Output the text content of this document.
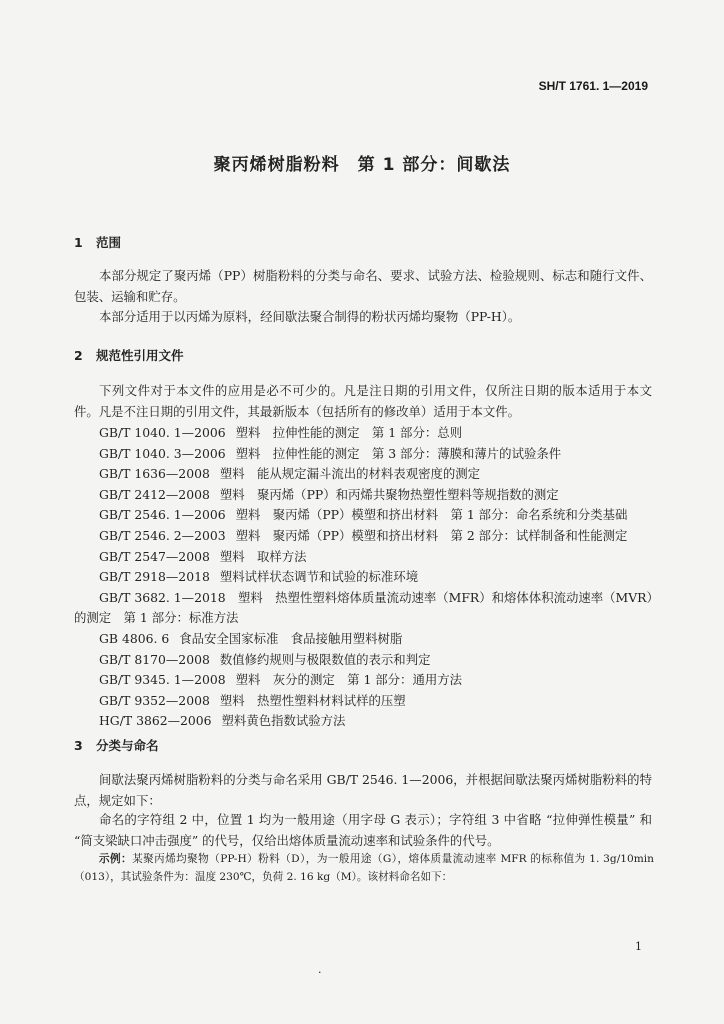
SH/T 1761. 1—2019
聚丙烯树脂粉料 第 1 部分：间歇法
1 范围

本部分规定了聚丙烯（PP）树脂粉料的分类与命名、要求、试验方法、检验规则、标志和随行文件、包装、运输和贮存。

本部分适用于以丙烯为原料，经间歇法聚合制得的粉状丙烯均聚物（PP-H）。

2 规范性引用文件

下列文件对于本文件的应用是必不可少的。凡是注日期的引用文件，仅所注日期的版本适用于本文件。凡是不注日期的引用文件，其最新版本（包括所有的修改单）适用于本文件。

GB/T 1040. 1—2006 塑料　拉伸性能的测定　第 1 部分：总则
GB/T 1040. 3—2006 塑料　拉伸性能的测定　第 3 部分：薄膜和薄片的试验条件
GB/T 1636—2008 塑料　能从规定漏斗流出的材料表观密度的测定
GB/T 2412—2008 塑料　聚丙烯（PP）和丙烯共聚物热塑性塑料等规指数的测定
GB/T 2546. 1—2006 塑料　聚丙烯（PP）模塑和挤出材料　第 1 部分：命名系统和分类基础
GB/T 2546. 2—2003 塑料　聚丙烯（PP）模塑和挤出材料　第 2 部分：试样制备和性能测定
GB/T 2547—2008 塑料　取样方法
GB/T 2918—2018 塑料试样状态调节和试验的标准环境
GB/T 3682. 1—2018　塑料　热塑性塑料熔体质量流动速率（MFR）和熔体体积流动速率（MVR）的测定　第 1 部分：标准方法
GB 4806. 6 食品安全国家标准　食品接触用塑料树脂
GB/T 8170—2008 数值修约规则与极限数值的表示和判定
GB/T 9345. 1—2008 塑料　灰分的测定　第 1 部分：通用方法
GB/T 9352—2008 塑料　热塑性塑料材料试样的压塑
HG/T 3862—2006 塑料黄色指数试验方法
3 分类与命名

间歇法聚丙烯树脂粉料的分类与命名采用 GB/T 2546. 1—2006，并根据间歇法聚丙烯树脂粉料的特点，规定如下：

命名的字符组 2 中，位置 1 均为一般用途（用字母 G 表示）；字符组 3 中省略 “拉伸弹性模量” 和 “简支梁缺口冲击强度” 的代号，仅给出熔体质量流动速率和试验条件的代号。

示例：某聚丙烯均聚物（PP-H）粉料（D），为一般用途（G），熔体质量流动速率 MFR 的标称值为 1. 3g/10min（013），其试验条件为：温度 230℃，负荷 2. 16 kg（M）。该材料命名如下：

1
.
